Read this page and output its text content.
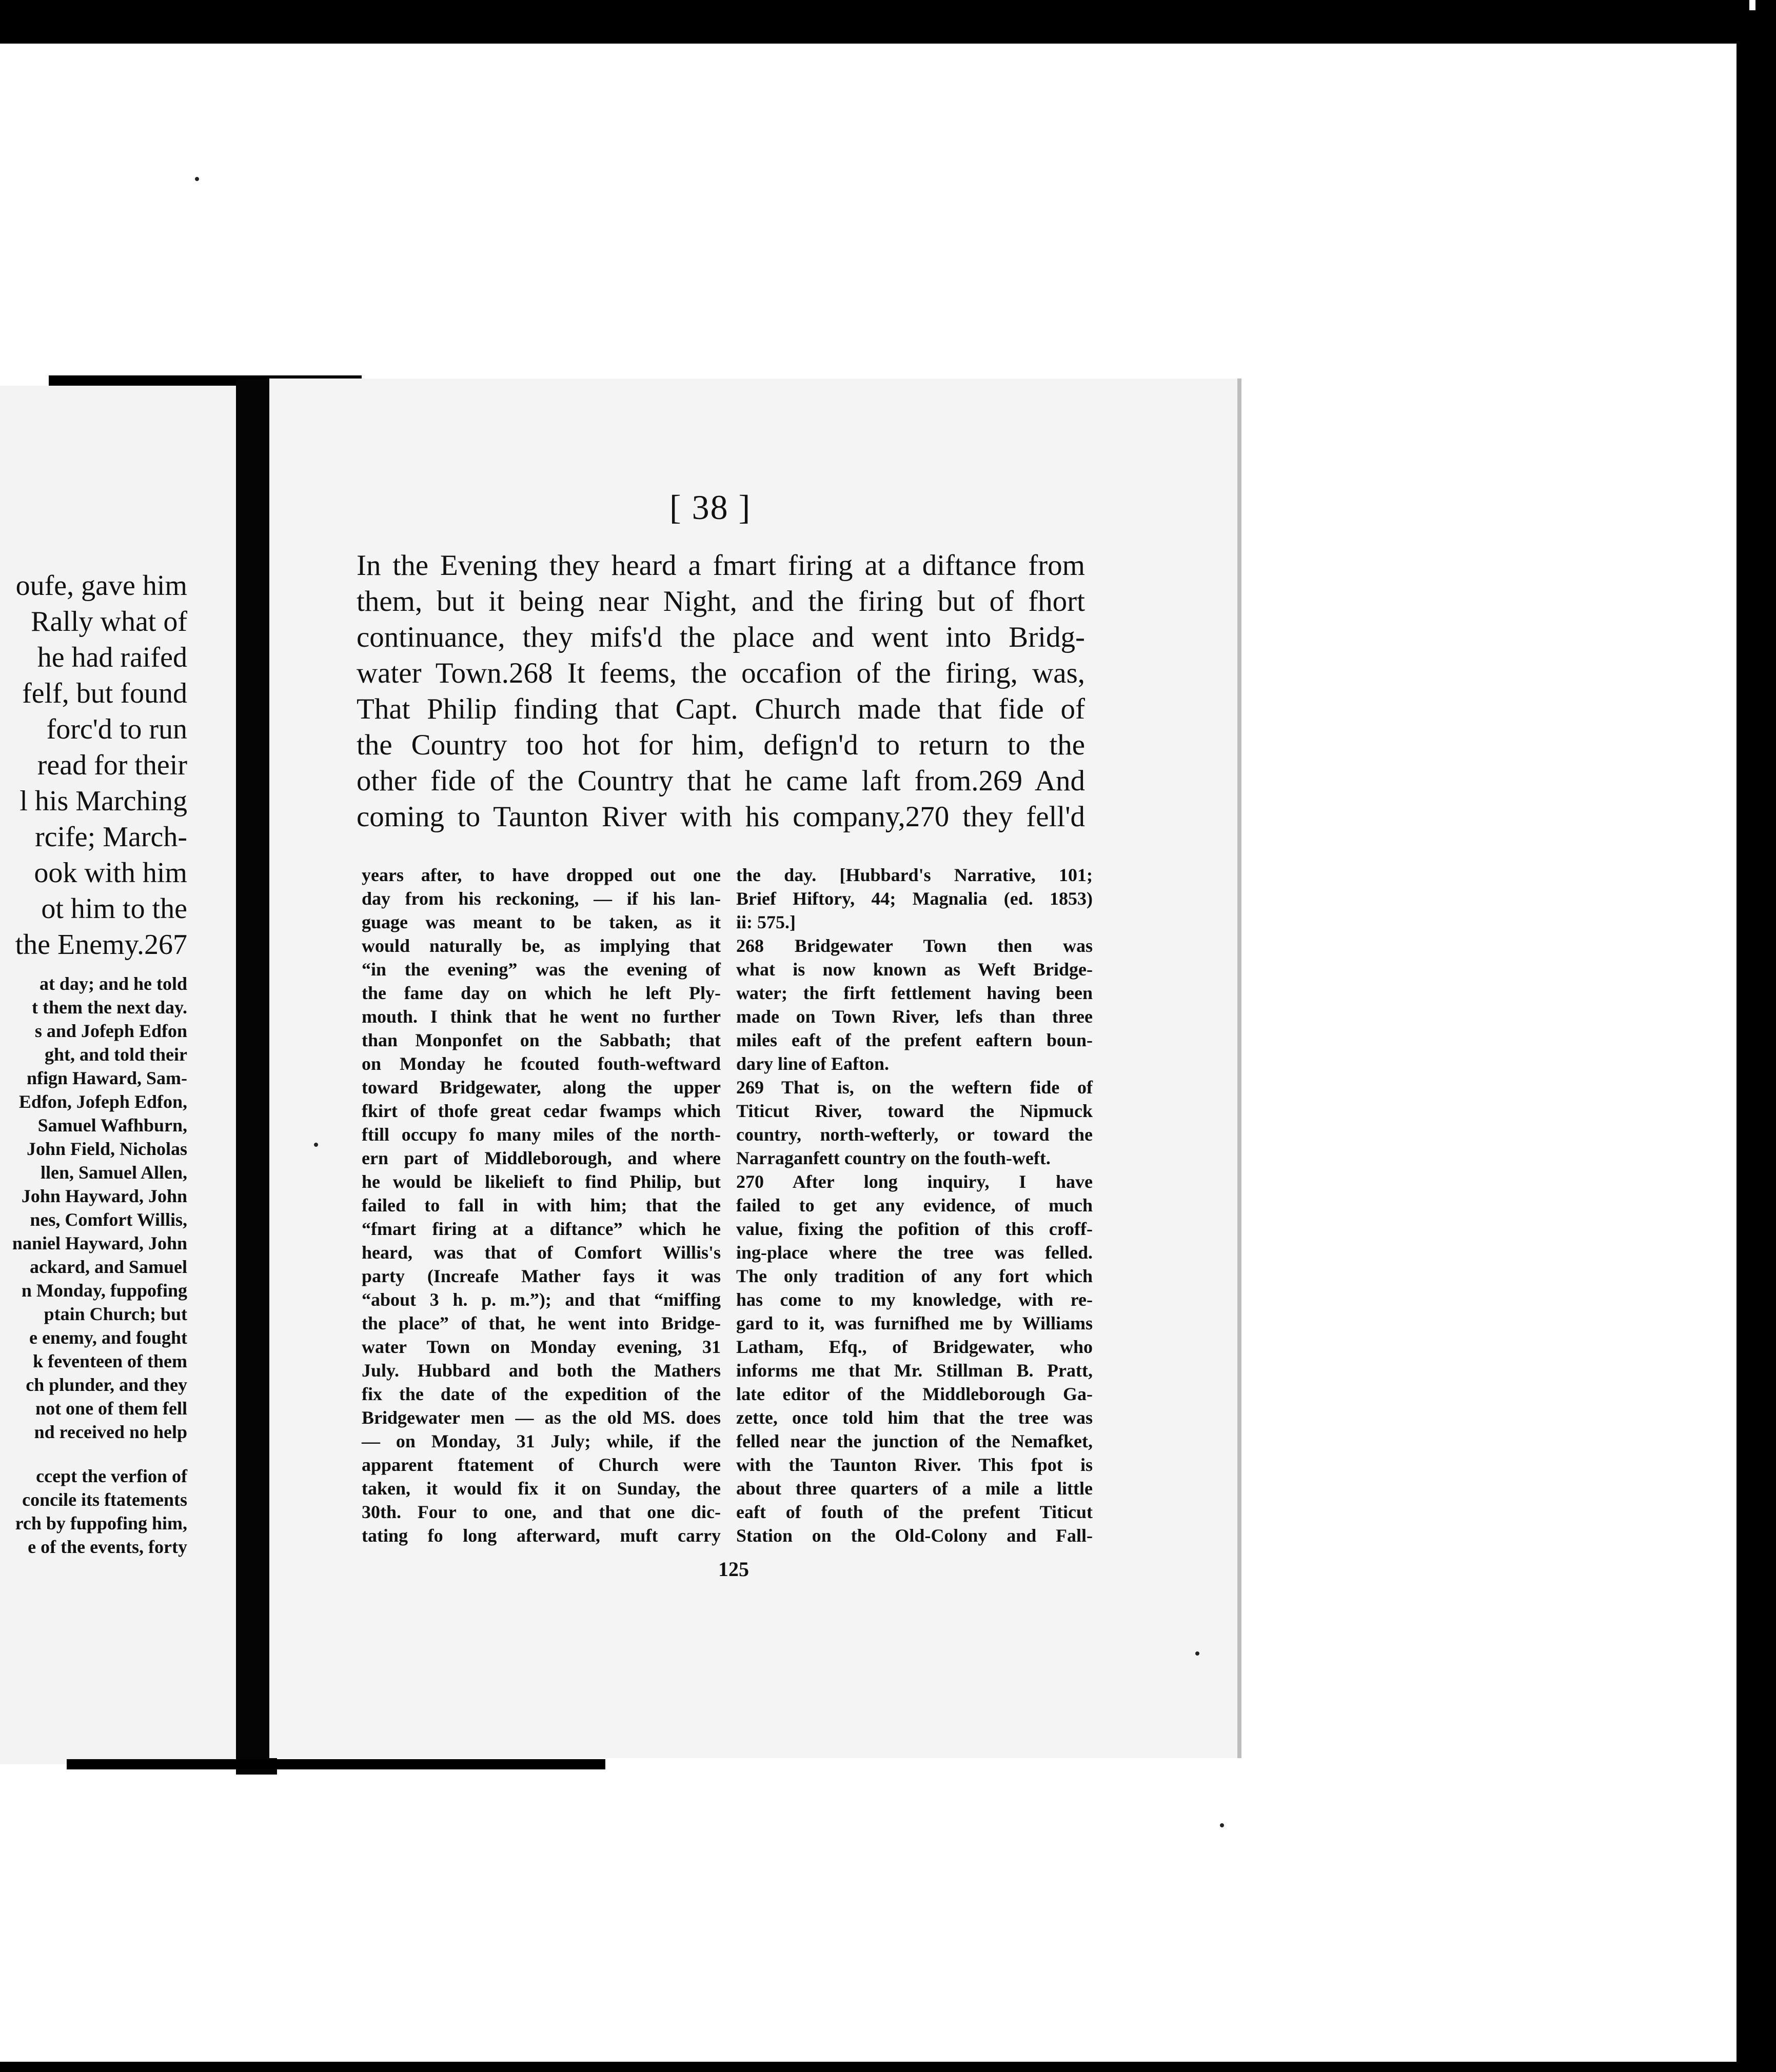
oufe, gave him
Rally what of
he had raifed
felf, but found
forc'd to run
read for their
l his Marching
rcife; March-
ook with him
ot him to the
the Enemy.267
at day; and he told
t them the next day.
s and Jofeph Edfon
ght, and told their
nfign Haward, Sam-
Edfon, Jofeph Edfon,
Samuel Wafhburn,
John Field, Nicholas
llen, Samuel Allen,
John Hayward, John
nes, Comfort Willis,
naniel Hayward, John
ackard, and Samuel
n Monday, fuppofing
ptain Church; but
e enemy, and fought
k feventeen of them
ch plunder, and they
not one of them fell
nd received no help
ccept the verfion of
concile its ftatements
rch by fuppofing him,
e of the events, forty
[ 38 ]
In the Evening they heard a fmart firing at a diftance from
them, but it being near Night, and the firing but of fhort
continuance, they mifs'd the place and went into Bridg-
water Town.268 It feems, the occafion of the firing, was,
That Philip finding that Capt. Church made that fide of
the Country too hot for him, defign'd to return to the
other fide of the Country that he came laft from.269 And
coming to Taunton River with his company,270 they fell'd
years after, to have dropped out one
day from his reckoning, — if his lan-
guage was meant to be taken, as it
would naturally be, as implying that
“in the evening” was the evening of
the fame day on which he left Ply-
mouth. I think that he went no further
than Monponfet on the Sabbath; that
on Monday he fcouted fouth-weftward
toward Bridgewater, along the upper
fkirt of thofe great cedar fwamps which
ftill occupy fo many miles of the north-
ern part of Middleborough, and where
he would be likelieft to find Philip, but
failed to fall in with him; that the
“fmart firing at a diftance” which he
heard, was that of Comfort Willis's
party (Increafe Mather fays it was
“about 3 h. p. m.”); and that “miffing
the place” of that, he went into Bridge-
water Town on Monday evening, 31
July. Hubbard and both the Mathers
fix the date of the expedition of the
Bridgewater men — as the old MS. does
— on Monday, 31 July; while, if the
apparent ftatement of Church were
taken, it would fix it on Sunday, the
30th. Four to one, and that one dic-
tating fo long afterward, muft carry
the day. [Hubbard's Narrative, 101;
Brief Hiftory, 44; Magnalia (ed. 1853)
ii: 575.]
268 Bridgewater Town then was
what is now known as Weft Bridge-
water; the firft fettlement having been
made on Town River, lefs than three
miles eaft of the prefent eaftern boun-
dary line of Eafton.
269 That is, on the weftern fide of
Titicut River, toward the Nipmuck
country, north-wefterly, or toward the
Narraganfett country on the fouth-weft.
270 After long inquiry, I have
failed to get any evidence, of much
value, fixing the pofition of this croff-
ing-place where the tree was felled.
The only tradition of any fort which
has come to my knowledge, with re-
gard to it, was furnifhed me by Williams
Latham, Efq., of Bridgewater, who
informs me that Mr. Stillman B. Pratt,
late editor of the Middleborough Ga-
zette, once told him that the tree was
felled near the junction of the Nemafket,
with the Taunton River. This fpot is
about three quarters of a mile a little
eaft of fouth of the prefent Titicut
Station on the Old-Colony and Fall-
125
